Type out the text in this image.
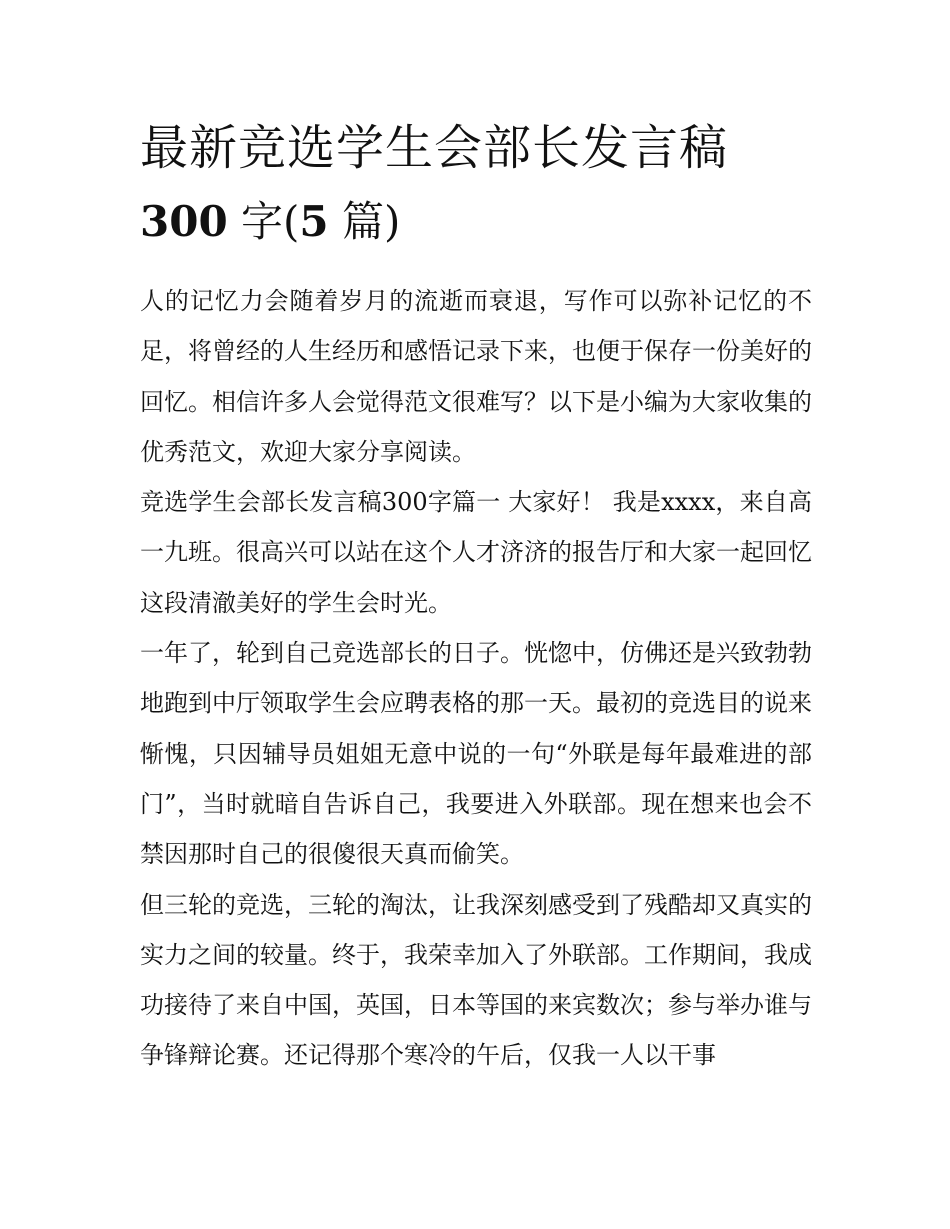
最新竞选学生会部长发言稿
300 字(5 篇)

人的记忆力会随着岁月的流逝而衰退，写作可以弥补记忆的不足，将曾经的人生经历和感悟记录下来，也便于保存一份美好的回忆。相信许多人会觉得范文很难写？以下是小编为大家收集的优秀范文，欢迎大家分享阅读。

竞选学生会部长发言稿300字篇一 大家好！ 我是xxxx，来自高一九班。很高兴可以站在这个人才济济的报告厅和大家一起回忆这段清澈美好的学生会时光。

一年了，轮到自己竞选部长的日子。恍惚中，仿佛还是兴致勃勃地跑到中厅领取学生会应聘表格的那一天。最初的竞选目的说来惭愧，只因辅导员姐姐无意中说的一句“外联是每年最难进的部门”，当时就暗自告诉自己，我要进入外联部。现在想来也会不禁因那时自己的很傻很天真而偷笑。

但三轮的竞选，三轮的淘汰，让我深刻感受到了残酷却又真实的实力之间的较量。终于，我荣幸加入了外联部。工作期间，我成功接待了来自中国，英国，日本等国的来宾数次；参与举办谁与争锋辩论赛。还记得那个寒冷的午后，仅我一人以干事
